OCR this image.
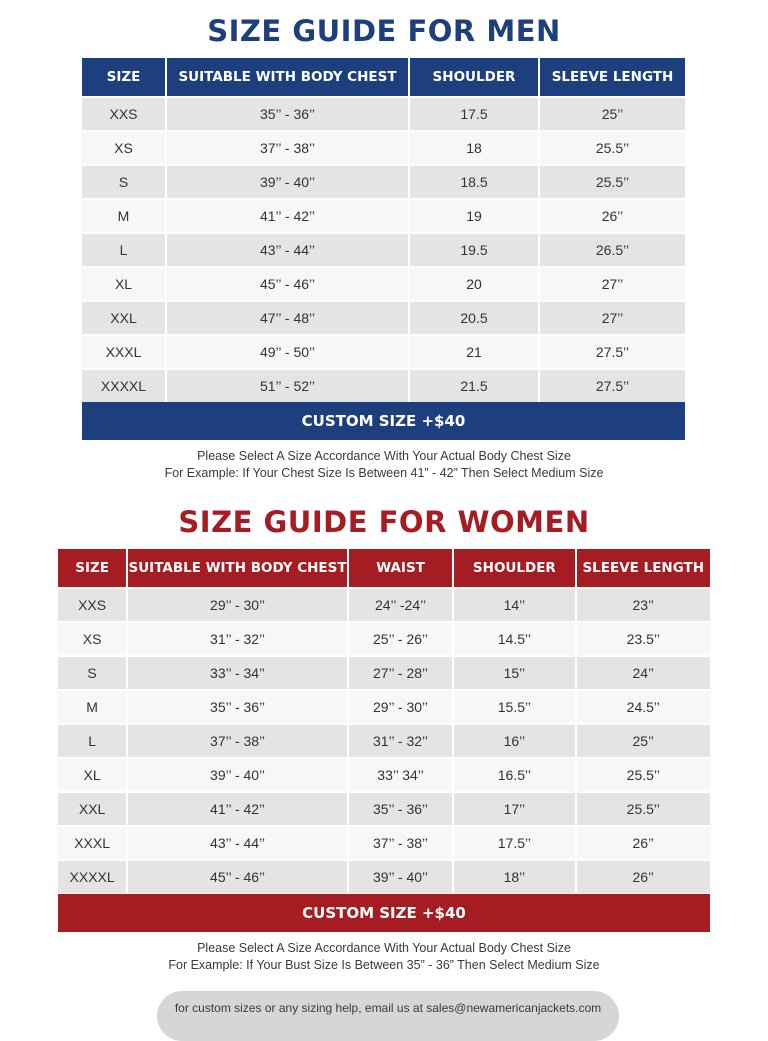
SIZE GUIDE FOR MEN
SIZE	SUITABLE WITH BODY CHEST	SHOULDER	SLEEVE LENGTH
XXS	35’’ - 36’’	17.5	25’’
XS	37’’ - 38’’	18	25.5’’
S	39’’ - 40’’	18.5	25.5’’
M	41’’ - 42’’	19	26’’
L	43’’ - 44’’	19.5	26.5’’
XL	45’’ - 46’’	20	27’’
XXL	47’’ - 48’’	20.5	27’’
XXXL	49’’ - 50’’	21	27.5’’
XXXXL	51’’ - 52’’	21.5	27.5’’
CUSTOM SIZE +$40
Please Select A Size Accordance With Your Actual Body Chest Size
For Example: If Your Chest Size Is Between 41” - 42” Then Select Medium Size
SIZE GUIDE FOR WOMEN
SIZE	SUITABLE WITH BODY CHEST	WAIST	SHOULDER	SLEEVE LENGTH
XXS	29’’ - 30’’	24’’ -24’’	14’’	23’’
XS	31’’ - 32’’	25’’ - 26’’	14.5’’	23.5’’
S	33’’ - 34’’	27’’ - 28’’	15’’	24’’
M	35’’ - 36’’	29’’ - 30’’	15.5’’	24.5’’
L	37’’ - 38’’	31’’ - 32’’	16’’	25’’
XL	39’’ - 40’’	33’’ 34’’	16.5’’	25.5’’
XXL	41’’ - 42’’	35’’ - 36’’	17’’	25.5’’
XXXL	43’’ - 44’’	37’’ - 38’’	17.5’’	26’’
XXXXL	45’’ - 46’’	39’’ - 40’’	18’’	26’’
CUSTOM SIZE +$40
Please Select A Size Accordance With Your Actual Body Chest Size
For Example: If Your Bust Size Is Between 35” - 36” Then Select Medium Size
for custom sizes or any sizing help, email us at sales@newamericanjackets.com
